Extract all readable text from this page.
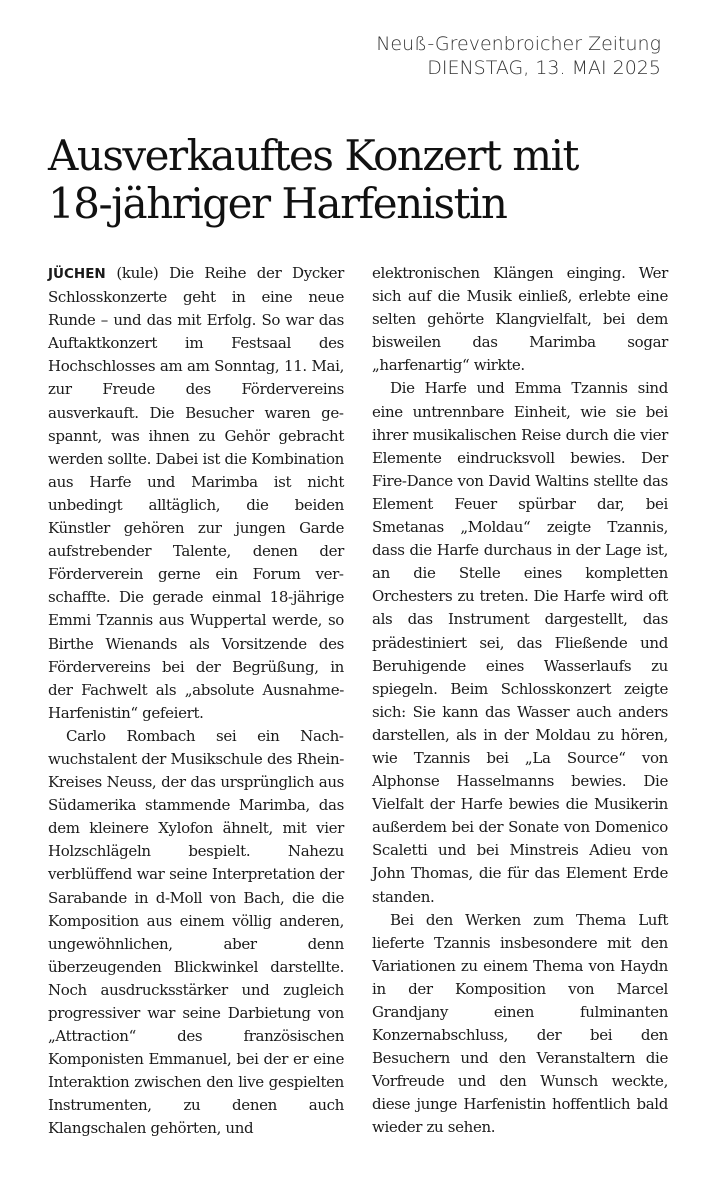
Neuß-Grevenbroicher Zeitung
DIENSTAG, 13. MAI 2025
Ausverkauftes Konzert mit
18-jähriger Harfenistin

JÜCHEN (kule) Die Reihe der Dycker Schlosskonzerte geht in eine neue Runde – und das mit Erfolg. So war das Auftaktkonzert im Festsaal des Hochschlosses am am Sonntag, 11. Mai, zur Freude des Fördervereins ausverkauft. Die Besucher waren gespannt, was ihnen zu Gehör gebracht werden sollte. Dabei ist die Kombination aus Harfe und Marimba ist nicht unbedingt alltäglich, die beiden Künstler gehören zur jungen Garde aufstrebender Talente, denen der Förderverein gerne ein Forum verschaffte. Die gerade einmal 18-jährige Emmi Tzannis aus Wuppertal werde, so Birthe Wienands als Vorsitzende des Fördervereins bei der Begrüßung, in der Fachwelt als „absolute Ausnahme-Harfenistin“ gefeiert.

Carlo Rombach sei ein Nachwuchstalent der Musikschule des Rhein-Kreises Neuss, der das ursprünglich aus Südamerika stammende Marimba, das dem kleinere Xylofon ähnelt, mit vier Holzschlägeln bespielt. Nahezu verblüffend war seine Interpretation der Sarabande in d-Moll von Bach, die die Komposition aus einem völlig anderen, ungewöhnlichen, aber denn überzeugenden Blickwinkel darstellte. Noch ausdrucksstärker und zugleich progressiver war seine Darbietung von „Attraction“ des französischen Komponisten Emmanuel, bei der er eine Interaktion zwischen den live gespielten Instrumenten, zu denen auch Klangschalen gehörten, und

elektronischen Klängen einging. Wer sich auf die Musik einließ, erlebte eine selten gehörte Klangvielfalt, bei dem bisweilen das Marimba sogar „harfenartig“ wirkte.

Die Harfe und Emma Tzannis sind eine untrennbare Einheit, wie sie bei ihrer musikalischen Reise durch die vier Elemente eindrucksvoll bewies. Der Fire-Dance von David Waltins stellte das Element Feuer spürbar dar, bei Smetanas „Moldau“ zeigte Tzannis, dass die Harfe durchaus in der Lage ist, an die Stelle eines kompletten Orchesters zu treten. Die Harfe wird oft als das Instrument dargestellt, das prädestiniert sei, das Fließende und Beruhigende eines Wasserlaufs zu spiegeln. Beim Schlosskonzert zeigte sich: Sie kann das Wasser auch anders darstellen, als in der Moldau zu hören, wie Tzannis bei „La Source“ von Alphonse Hasselmanns bewies. Die Vielfalt der Harfe bewies die Musikerin außerdem bei der Sonate von Domenico Scaletti und bei Minstreis Adieu von John Thomas, die für das Element Erde standen.

Bei den Werken zum Thema Luft lieferte Tzannis insbesondere mit den Variationen zu einem Thema von Haydn in der Komposition von Marcel Grandjany einen fulminanten Konzernabschluss, der bei den Besuchern und den Veranstaltern die Vorfreude und den Wunsch weckte, diese junge Harfenistin hoffentlich bald wieder zu sehen.
